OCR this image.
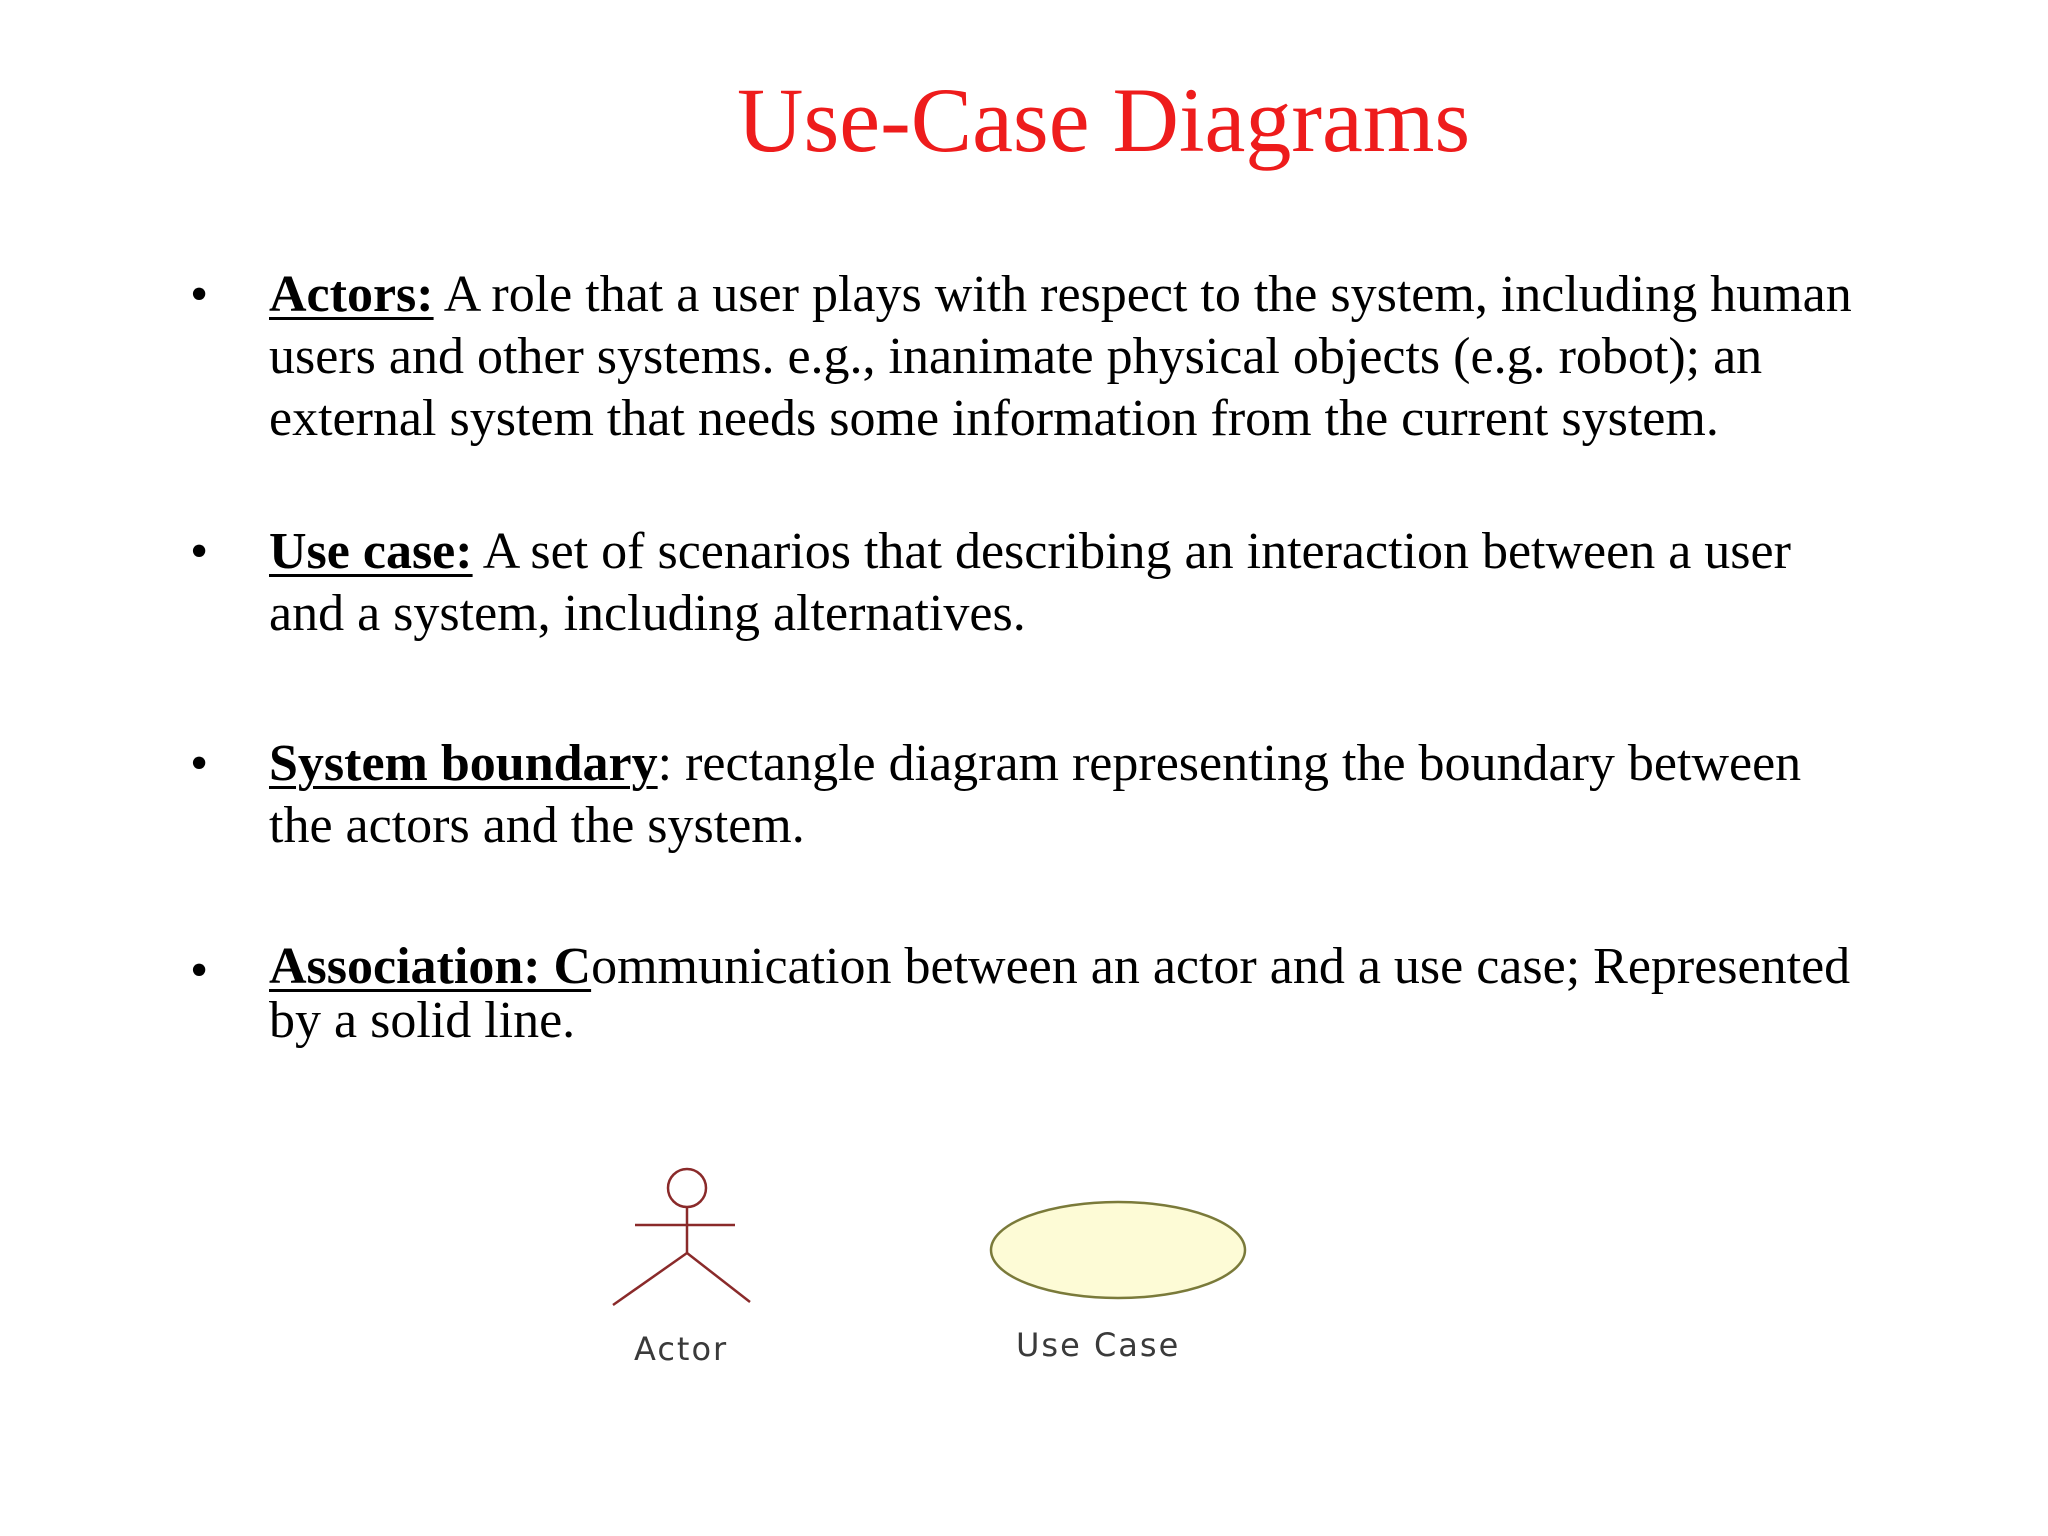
Use-Case Diagrams
• Actors: A role that a user plays with respect to the system, including human users and other systems. e.g., inanimate physical objects (e.g. robot); an external system that needs some information from the current system.
• Use case: A set of scenarios that describing an interaction between a user and a system, including alternatives.
• System boundary: rectangle diagram representing the boundary between the actors and the system.
• Association: Communication between an actor and a use case; Represented by a solid line.
Actor	Use Case
